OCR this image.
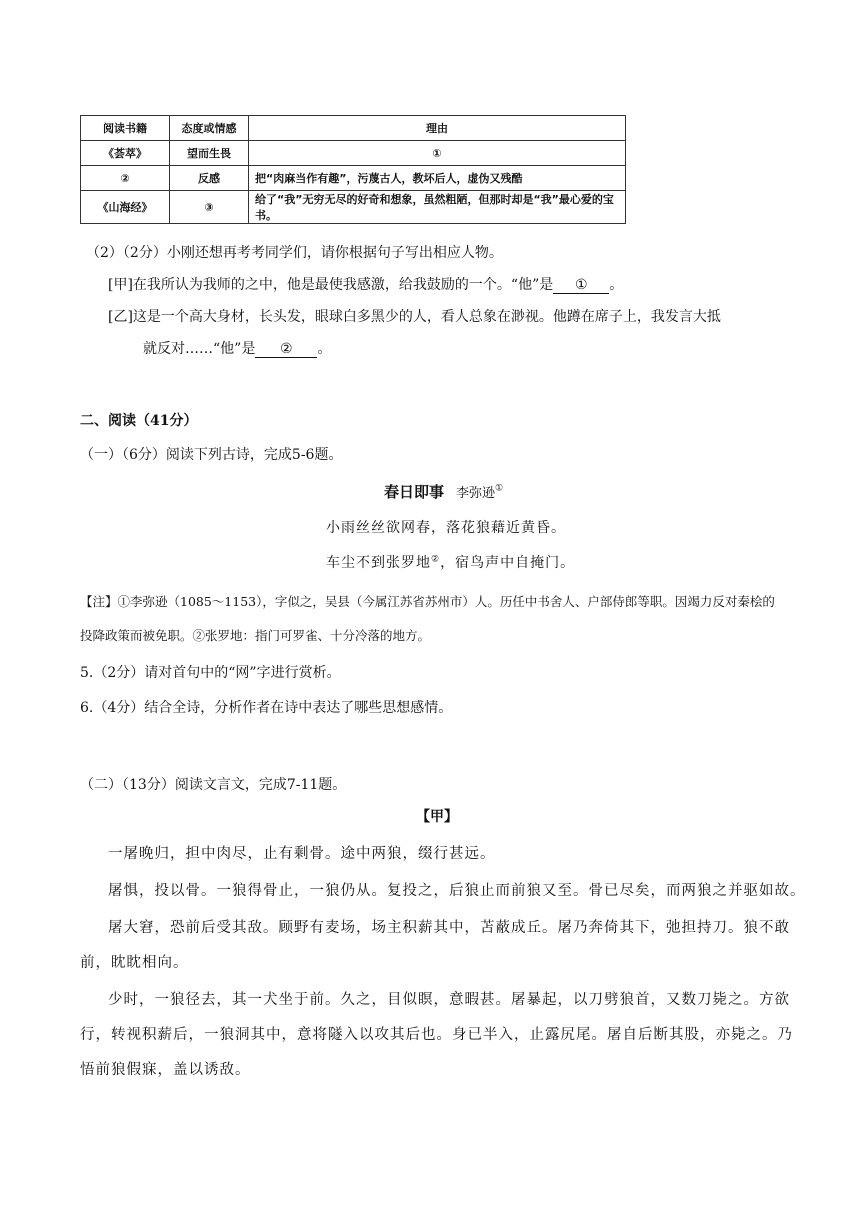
阅读书籍	态度或情感	理由
《荟萃》	望而生畏	①
②	反感	把“肉麻当作有趣”，污蔑古人，教坏后人，虚伪又残酷
《山海经》	③	给了“我”无穷无尽的好奇和想象，虽然粗陋，但那时却是“我”最心爱的宝书。
（2）（2分）小刚还想再考考同学们，请你根据句子写出相应人物。
[甲]在我所认为我师的之中，他是最使我感激，给我鼓励的一个。“他”是 ① 。
[乙]这是一个高大身材，长头发，眼球白多黑少的人，看人总象在渺视。他蹲在席子上，我发言大抵
就反对……“他”是 ② 。
二、阅读（41分）
（一）（6分）阅读下列古诗，完成5-6题。
春日即事 李弥逊①
小雨丝丝欲网春，落花狼藉近黄昏。
车尘不到张罗地②，宿鸟声中自掩门。
【注】①李弥逊（1085～1153），字似之，吴县（今属江苏省苏州市）人。历任中书舍人、户部侍郎等职。因竭力反对秦桧的
投降政策而被免职。②张罗地：指门可罗雀、十分冷落的地方。
5.（2分）请对首句中的“网”字进行赏析。
6.（4分）结合全诗，分析作者在诗中表达了哪些思想感情。
（二）（13分）阅读文言文，完成7-11题。
【甲】
一屠晚归，担中肉尽，止有剩骨。途中两狼，缀行甚远。
屠惧，投以骨。一狼得骨止，一狼仍从。复投之，后狼止而前狼又至。骨已尽矣，而两狼之并驱如故。
屠大窘，恐前后受其敌。顾野有麦场，场主积薪其中，苫蔽成丘。屠乃奔倚其下，弛担持刀。狼不敢
前，眈眈相向。
少时，一狼径去，其一犬坐于前。久之，目似瞑，意暇甚。屠暴起，以刀劈狼首，又数刀毙之。方欲
行，转视积薪后，一狼洞其中，意将隧入以攻其后也。身已半入，止露尻尾。屠自后断其股，亦毙之。乃
悟前狼假寐，盖以诱敌。
